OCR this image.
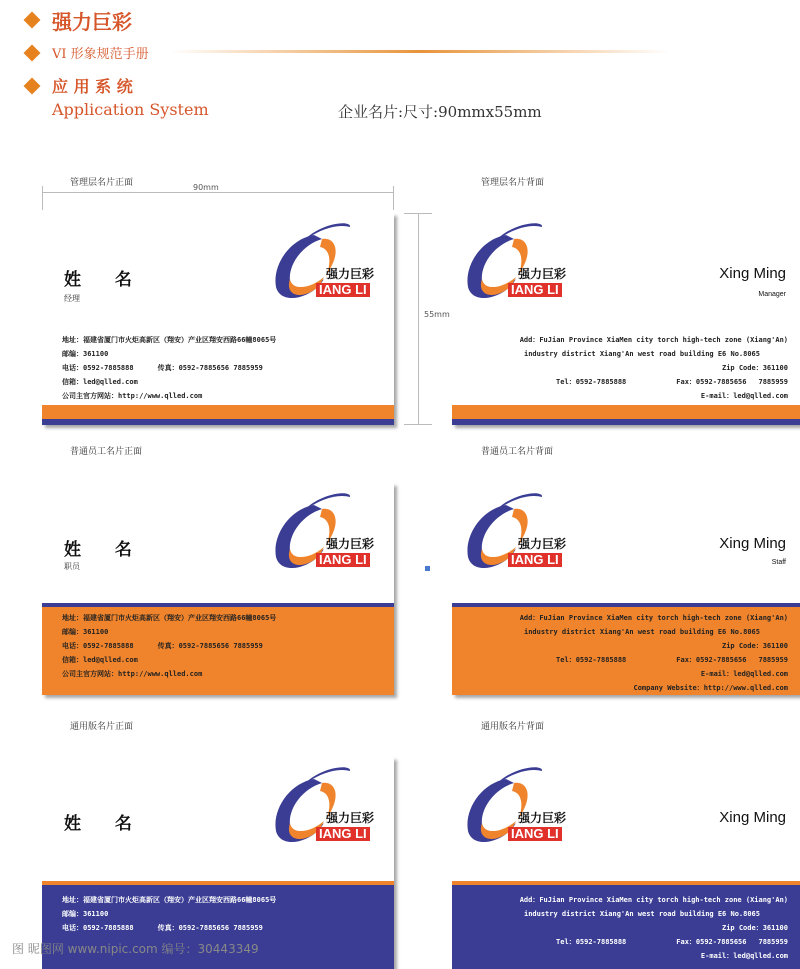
强力巨彩
VI 形象规范手册
应 用 系 统
Application System	企业名片:尺寸:90mmx55mm
90mm
55mm
管理层名片正面	管理层名片背面
普通员工名片正面	普通员工名片背面
通用版名片正面	通用版名片背面
强力巨彩
IANG LI
姓 名
经理
地址：福建省厦门市火炬高新区（翔安）产业区翔安西路66幢8065号
邮编：361100
电话：0592-7885888	传真：0592-7885656 7885959
信箱：led@qlled.com
公司主官方网站：http://www.qlled.com
强力巨彩
IANG LI
Xing Ming
Manager
Add：FuJian Province XiaMen city torch high-tech zone (Xiang'An)
industry district Xiang'An west road building E6 No.8065
Zip Code：361100
Tel：0592-7885888	Fax：0592-7885656 7885959
E-mail：led@qlled.com
强力巨彩
IANG LI
姓 名
职员
地址：福建省厦门市火炬高新区（翔安）产业区翔安西路66幢8065号
邮编：361100
电话：0592-7885888	传真：0592-7885656 7885959
信箱：led@qlled.com
公司主官方网站：http://www.qlled.com
强力巨彩
IANG LI
Xing Ming
Staff
Add：FuJian Province XiaMen city torch high-tech zone (Xiang'An)
industry district Xiang'An west road building E6 No.8065
Zip Code：361100
Tel：0592-7885888	Fax：0592-7885656 7885959
E-mail：led@qlled.com
Company Website：http://www.qlled.com
强力巨彩
IANG LI
姓 名
地址：福建省厦门市火炬高新区（翔安）产业区翔安西路66幢8065号
邮编：361100
电话：0592-7885888	传真：0592-7885656 7885959
强力巨彩
IANG LI
Xing Ming
Add：FuJian Province XiaMen city torch high-tech zone (Xiang'An)
industry district Xiang'An west road building E6 No.8065
Zip Code：361100
Tel：0592-7885888	Fax：0592-7885656 7885959
E-mail：led@qlled.com
图 昵图网 www.nipic.com 编号：30443349
